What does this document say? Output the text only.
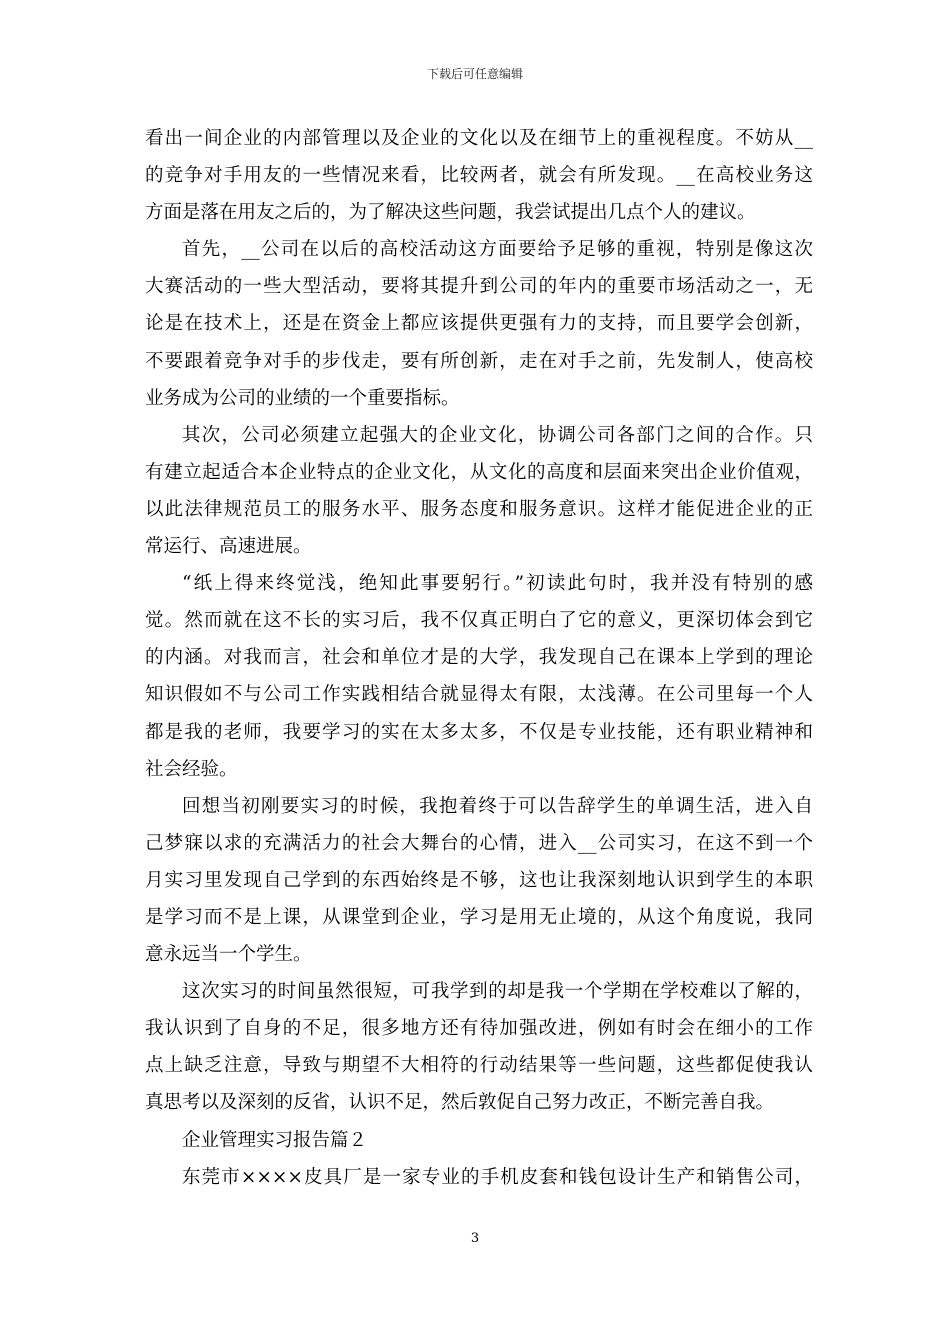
下载后可任意编辑
看出一间企业的内部管理以及企业的文化以及在细节上的重视程度。不妨从__
的竞争对手用友的一些情况来看，比较两者，就会有所发现。__在高校业务这
方面是落在用友之后的，为了解决这些问题，我尝试提出几点个人的建议。
首先，__公司在以后的高校活动这方面要给予足够的重视，特别是像这次
大赛活动的一些大型活动，要将其提升到公司的年内的重要市场活动之一，无
论是在技术上，还是在资金上都应该提供更强有力的支持，而且要学会创新，
不要跟着竞争对手的步伐走，要有所创新，走在对手之前，先发制人，使高校
业务成为公司的业绩的一个重要指标。
其次，公司必须建立起强大的企业文化，协调公司各部门之间的合作。只
有建立起适合本企业特点的企业文化，从文化的高度和层面来突出企业价值观，
以此法律规范员工的服务水平、服务态度和服务意识。这样才能促进企业的正
常运行、高速进展。
“纸上得来终觉浅，绝知此事要躬行。”初读此句时，我并没有特别的感
觉。然而就在这不长的实习后，我不仅真正明白了它的意义，更深切体会到它
的内涵。对我而言，社会和单位才是的大学，我发现自己在课本上学到的理论
知识假如不与公司工作实践相结合就显得太有限，太浅薄。在公司里每一个人
都是我的老师，我要学习的实在太多太多，不仅是专业技能，还有职业精神和
社会经验。
回想当初刚要实习的时候，我抱着终于可以告辞学生的单调生活，进入自
己梦寐以求的充满活力的社会大舞台的心情，进入__公司实习，在这不到一个
月实习里发现自己学到的东西始终是不够，这也让我深刻地认识到学生的本职
是学习而不是上课，从课堂到企业，学习是用无止境的，从这个角度说，我同
意永远当一个学生。
这次实习的时间虽然很短，可我学到的却是我一个学期在学校难以了解的，
我认识到了自身的不足，很多地方还有待加强改进，例如有时会在细小的工作
点上缺乏注意，导致与期望不大相符的行动结果等一些问题，这些都促使我认
真思考以及深刻的反省，认识不足，然后敦促自己努力改正，不断完善自我。
企业管理实习报告篇２
东莞市××××皮具厂是一家专业的手机皮套和钱包设计生产和销售公司，
3
